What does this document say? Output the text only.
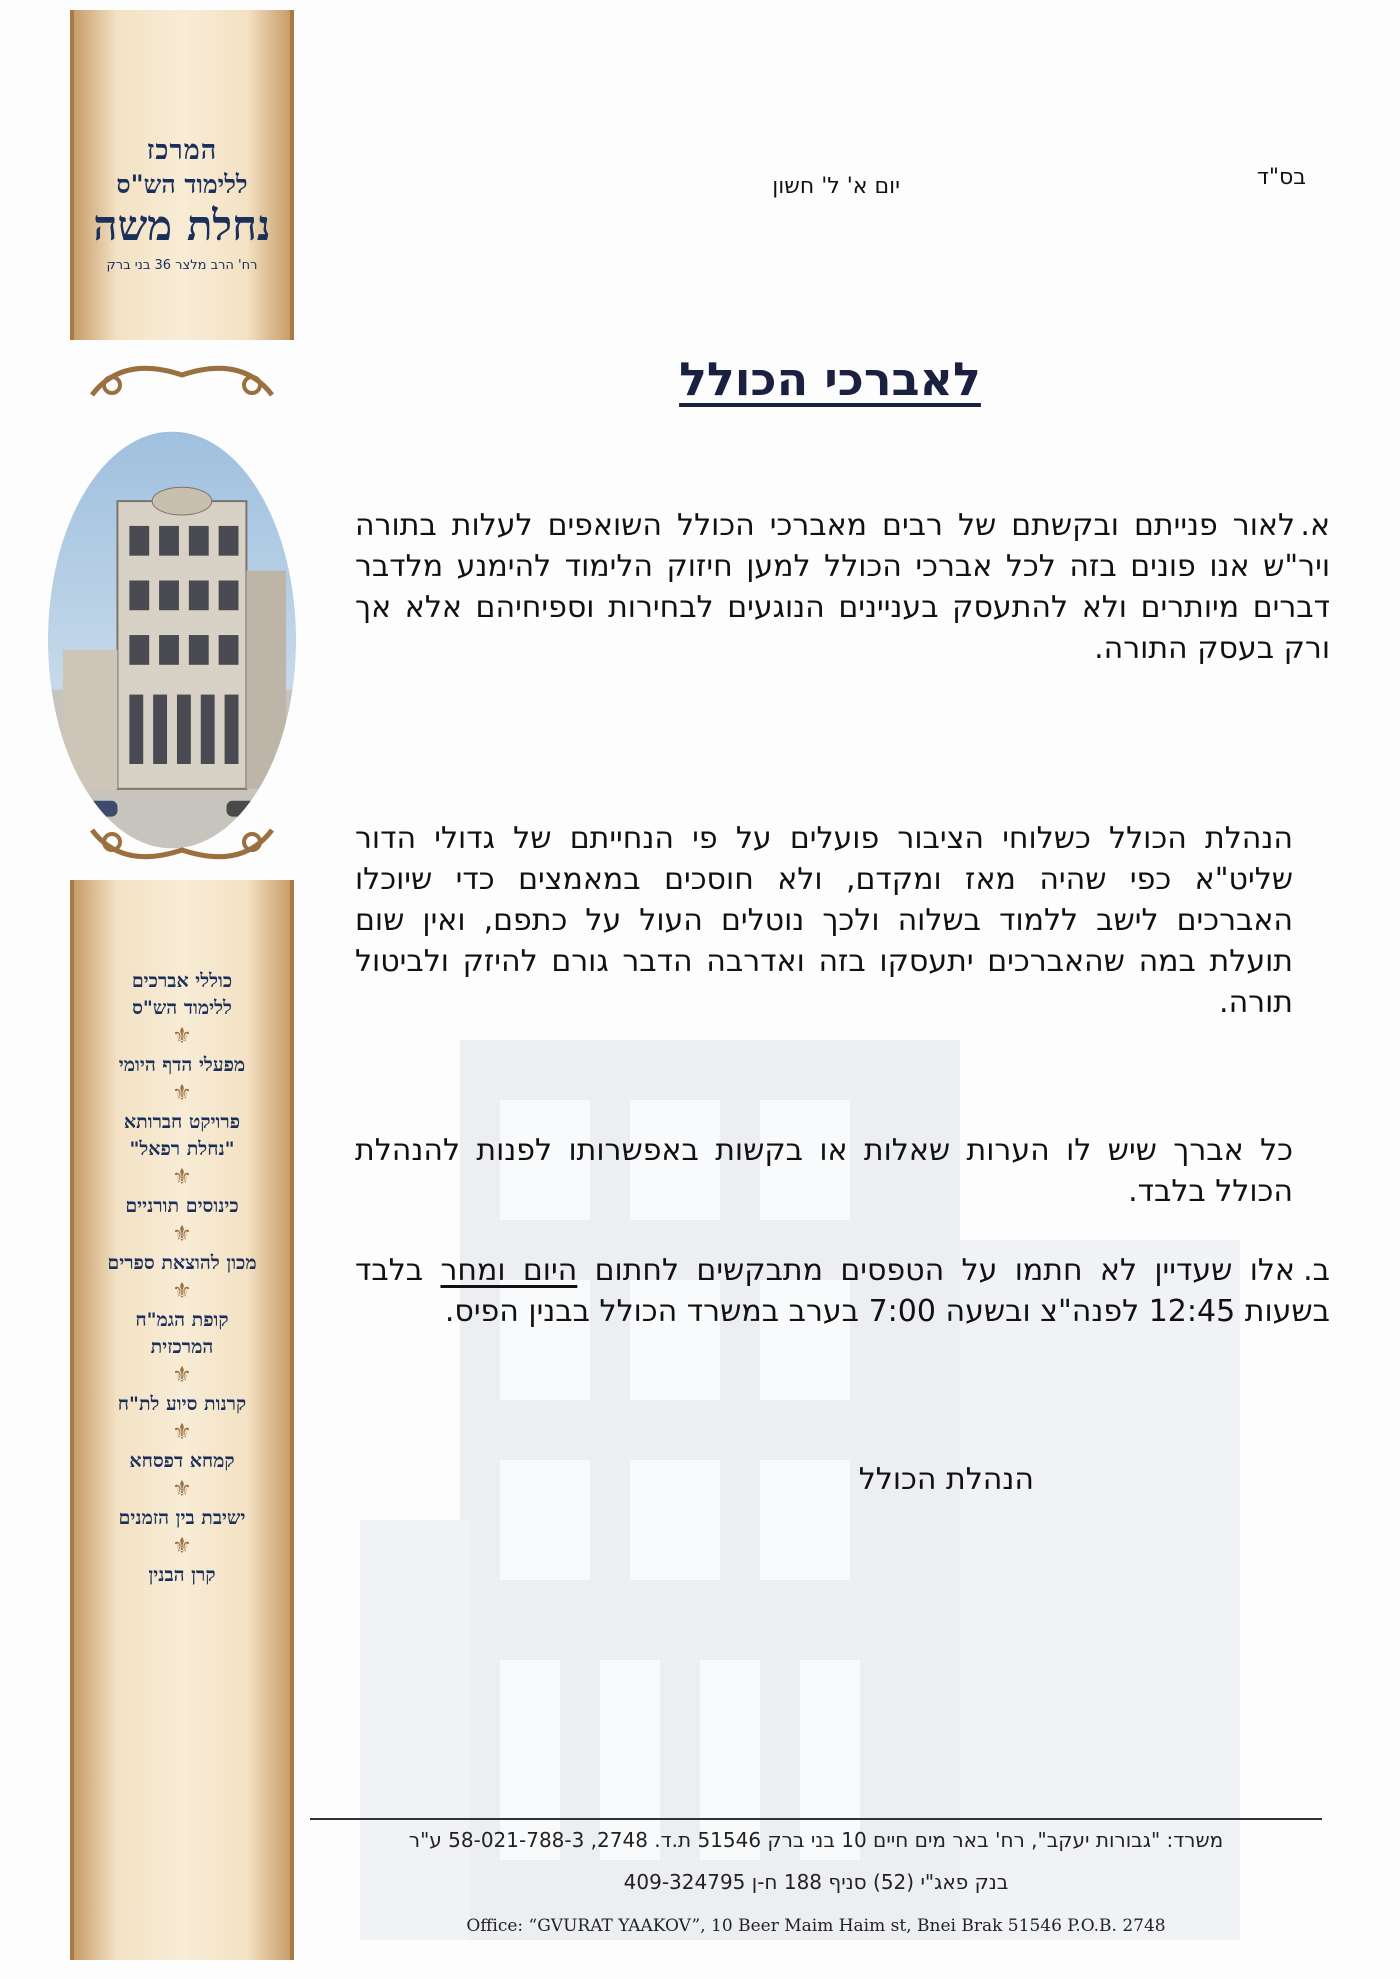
המרכז
ללימוד הש"ס
נחלת משה
רח' הרב מלצר 36 בני ברק
כוללי אברכים
ללימוד הש"ס
⚜
מפעלי הדף היומי
⚜
פרויקט חברותא
"נחלת רפאל"
⚜
כינוסים תורניים
⚜
מכון להוצאת ספרים
⚜
קופת הגמ"ח
המרכזית
⚜
קרנות סיוע לת"ח
⚜
קמחא דפסחא
⚜
ישיבת בין הזמנים
⚜
קרן הבנין
בס"ד
יום א' ל' חשון
לאברכי הכולל
א.לאור פנייתם ובקשתם של רבים מאברכי הכולל השואפים לעלות בתורה ויר"ש אנו פונים בזה לכל אברכי הכולל למען חיזוק הלימוד להימנע מלדבר דברים מיותרים ולא להתעסק בעניינים הנוגעים לבחירות וספיחיהם אלא אך ורק בעסק התורה.
הנהלת הכולל כשלוחי הציבור פועלים על פי הנחייתם של גדולי הדור שליט"א כפי שהיה מאז ומקדם, ולא חוסכים במאמצים כדי שיוכלו האברכים לישב ללמוד בשלוה ולכך נוטלים העול על כתפם, ואין שום תועלת במה שהאברכים יתעסקו בזה ואדרבה הדבר גורם להיזק ולביטול תורה.
כל אברך שיש לו הערות שאלות או בקשות באפשרותו לפנות להנהלת הכולל בלבד.
ב.אלו שעדיין לא חתמו על הטפסים מתבקשים לחתום היום ומחר בלבד בשעות 12:45 לפנה"צ ובשעה 7:00 בערב במשרד הכולל בבנין הפיס.
הנהלת הכולל
משרד: "גבורות יעקב", רח' באר מים חיים 10 בני ברק 51546 ת.ד. 2748, 58-021-788-3 ע"ר
בנק פאג"י (52) סניף 188 ח-ן 409-324795
Office: “GVURAT YAAKOV”, 10 Beer Maim Haim st, Bnei Brak 51546 P.O.B. 2748
